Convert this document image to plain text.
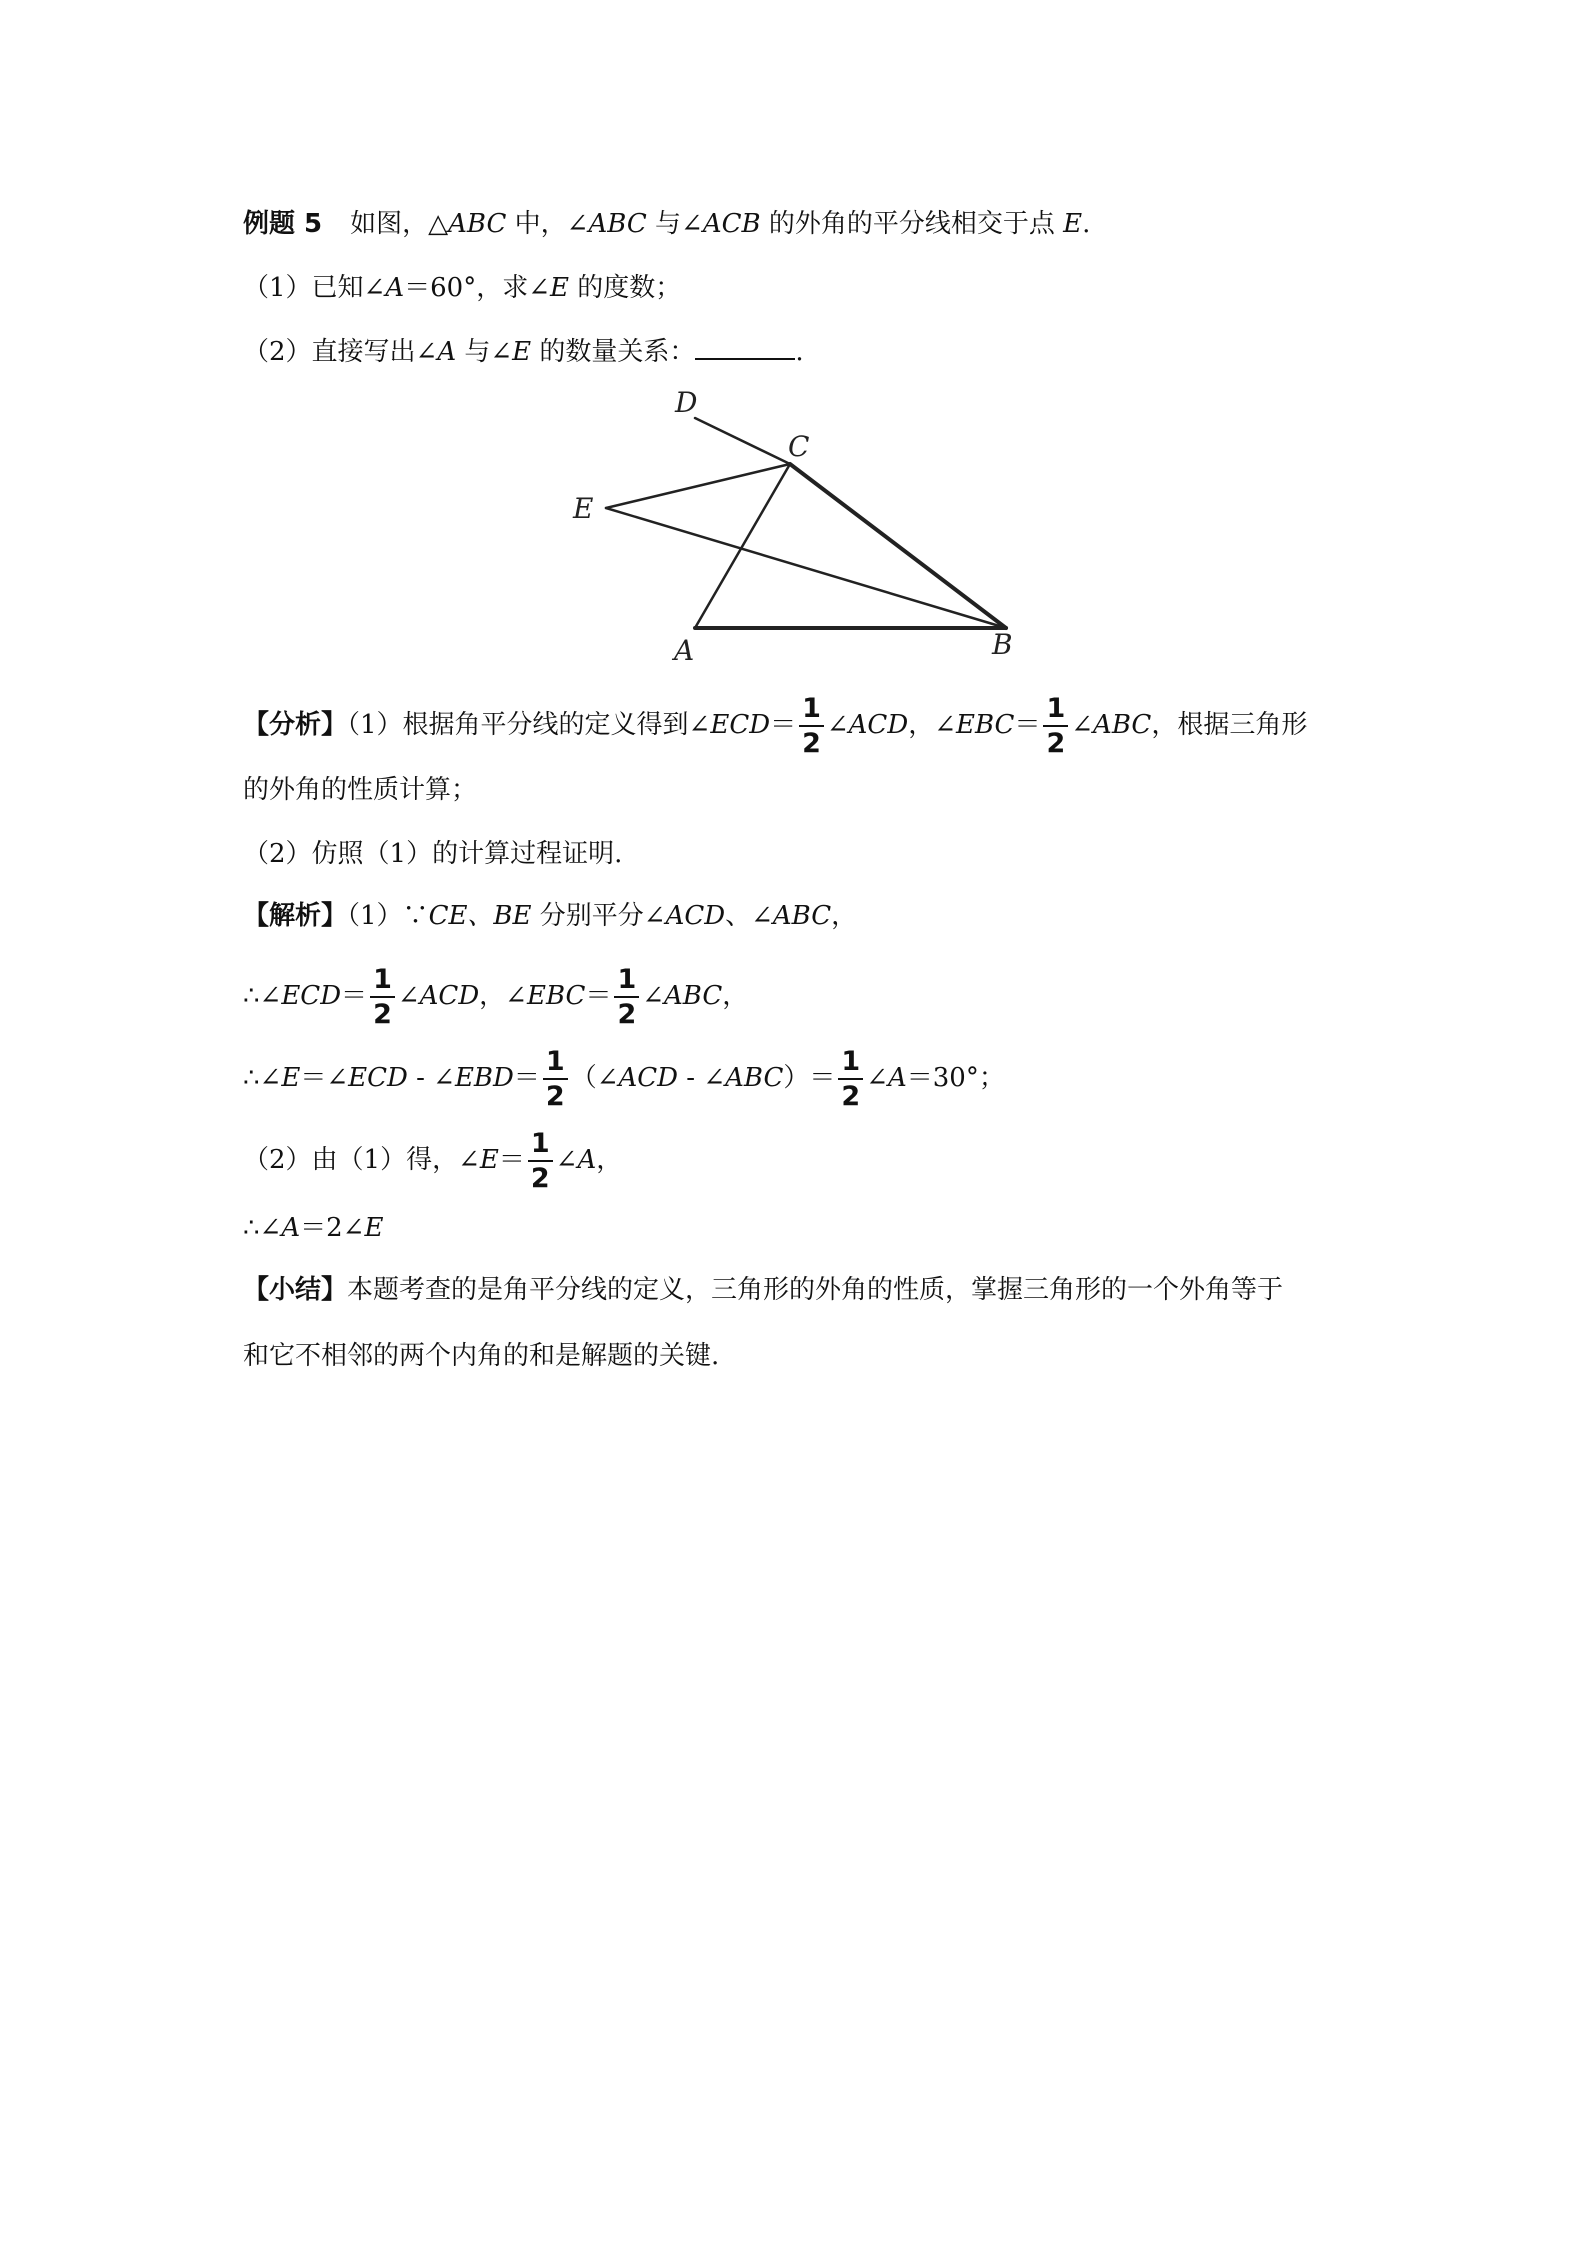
例题 5 如图，△ABC 中，∠ABC 与∠ACB 的外角的平分线相交于点 E.
（1）已知∠A＝60°，求∠E 的度数；
（2）直接写出∠A 与∠E 的数量关系：	.
D
C
E
A	B
【分析】（1）根据角平分线的定义得到∠ECD＝ $\frac{1}{2}$ ∠ACD，∠EBC＝ $\frac{1}{2}$ ∠ABC，根据三角形
的外角的性质计算；
（2）仿照（1）的计算过程证明.
【解析】（1）∵CE、BE 分别平分∠ACD、∠ABC，
∴∠ECD＝ $\frac{1}{2}$ ∠ACD，∠EBC＝ $\frac{1}{2}$ ∠ABC，
∴∠E＝∠ECD - ∠EBD＝ $\frac{1}{2}$ （∠ACD - ∠ABC）＝ $\frac{1}{2}$ ∠A＝30°；
（2）由（1）得，∠E＝ $\frac{1}{2}$ ∠A，
∴∠A＝2∠E
【小结】本题考查的是角平分线的定义，三角形的外角的性质，掌握三角形的一个外角等于
和它不相邻的两个内角的和是解题的关键.
